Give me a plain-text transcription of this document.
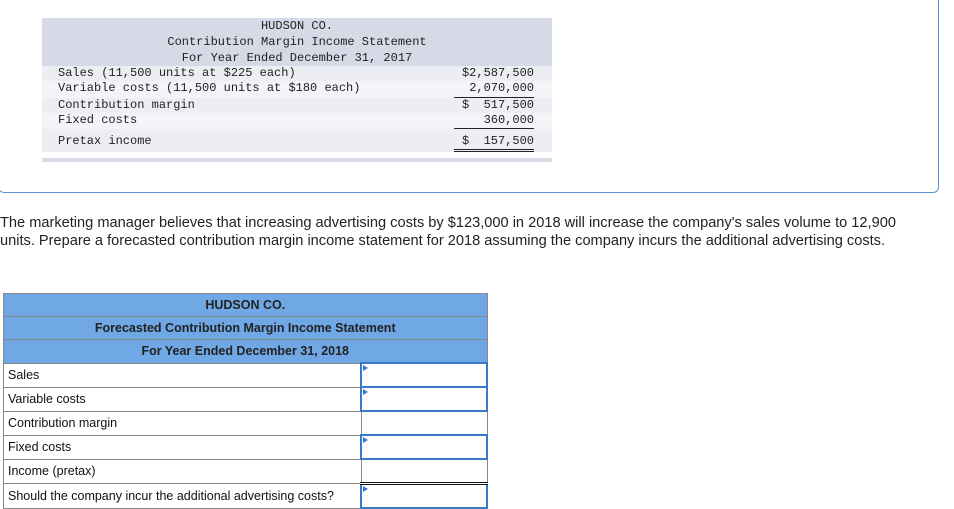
HUDSON CO.
Contribution Margin Income Statement
For Year Ended December 31, 2017
Sales (11,500 units at $225 each)	$2,587,500
Variable costs (11,500 units at $180 each)	2,070,000
Contribution margin	$  517,500
Fixed costs	360,000
Pretax income	$  157,500
The marketing manager believes that increasing advertising costs by $123,000 in 2018 will increase the company's sales volume to 12,900 units. Prepare a forecasted contribution margin income statement for 2018 assuming the company incurs the additional advertising costs.
HUDSON CO.	
Forecasted Contribution Margin Income Statement	
For Year Ended December 31, 2018	
Sales	
Variable costs	
Contribution margin	
Fixed costs	
Income (pretax)	
Should the company incur the additional advertising costs?	
